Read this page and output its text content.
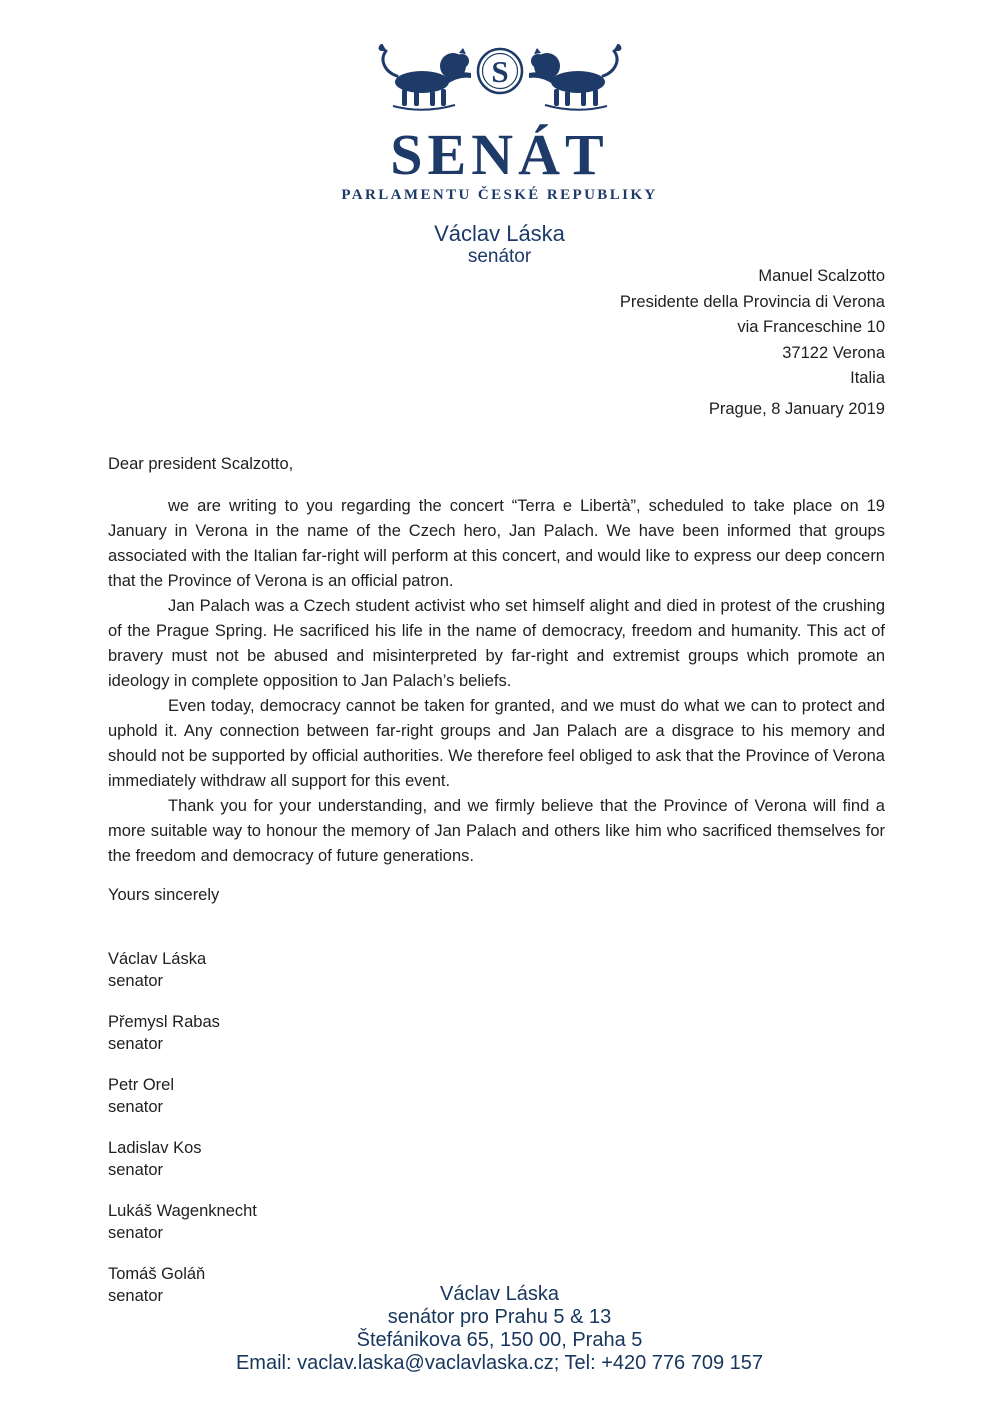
S
SENÁT
PARLAMENTU ČESKÉ REPUBLIKY
Václav Láska
senátor
Manuel Scalzotto
Presidente della Provincia di Verona
via Franceschine 10
37122 Verona
Italia
Prague, 8 January 2019
Dear president Scalzotto,

we are writing to you regarding the concert “Terra e Libertà”, scheduled to take place on 19 January in Verona in the name of the Czech hero, Jan Palach. We have been informed that groups associated with the Italian far-right will perform at this concert, and would like to express our deep concern that the Province of Verona is an official patron.

Jan Palach was a Czech student activist who set himself alight and died in protest of the crushing of the Prague Spring. He sacrificed his life in the name of democracy, freedom and humanity. This act of bravery must not be abused and misinterpreted by far-right and extremist groups which promote an ideology in complete opposition to Jan Palach’s beliefs.

Even today, democracy cannot be taken for granted, and we must do what we can to protect and uphold it. Any connection between far-right groups and Jan Palach are a disgrace to his memory and should not be supported by official authorities. We therefore feel obliged to ask that the Province of Verona immediately withdraw all support for this event.

Thank you for your understanding, and we firmly believe that the Province of Verona will find a more suitable way to honour the memory of Jan Palach and others like him who sacrificed themselves for the freedom and democracy of future generations.

Yours sincerely
Václav Láska
senator
Přemysl Rabas
senator
Petr Orel
senator
Ladislav Kos
senator
Lukáš Wagenknecht
senator
Tomáš Goláň
senator	Václav Láska
senátor pro Prahu 5 & 13
Štefánikova 65, 150 00, Praha 5
Email: vaclav.laska@vaclavlaska.cz; Tel: +420 776 709 157
